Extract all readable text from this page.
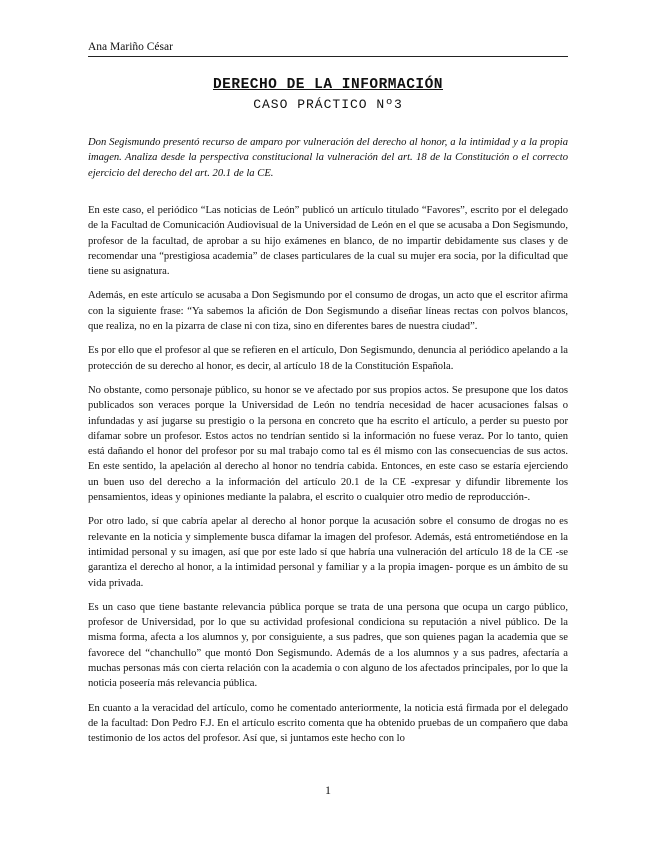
Ana Mariño César
DERECHO DE LA INFORMACIÓN
CASO PRÁCTICO Nº3
Don Segismundo presentó recurso de amparo por vulneración del derecho al honor, a la intimidad y a la propia imagen. Analiza desde la perspectiva constitucional la vulneración del art. 18 de la Constitución o el correcto ejercicio del derecho del art. 20.1 de la CE.

En este caso, el periódico “Las noticias de León” publicó un artículo titulado “Favores”, escrito por el delegado de la Facultad de Comunicación Audiovisual de la Universidad de León en el que se acusaba a Don Segismundo, profesor de la facultad, de aprobar a su hijo exámenes en blanco, de no impartir debidamente sus clases y de recomendar una “prestigiosa academia” de clases particulares de la cual su mujer era socia, por la dificultad que tiene su asignatura.

Además, en este artículo se acusaba a Don Segismundo por el consumo de drogas, un acto que el escritor afirma con la siguiente frase: “Ya sabemos la afición de Don Segismundo a diseñar líneas rectas con polvos blancos, que realiza, no en la pizarra de clase ni con tiza, sino en diferentes bares de nuestra ciudad”.

Es por ello que el profesor al que se refieren en el artículo, Don Segismundo, denuncia al periódico apelando a la protección de su derecho al honor, es decir, al artículo 18 de la Constitución Española.

No obstante, como personaje público, su honor se ve afectado por sus propios actos. Se presupone que los datos publicados son veraces porque la Universidad de León no tendría necesidad de hacer acusaciones falsas o infundadas y así jugarse su prestigio o la persona en concreto que ha escrito el artículo, a perder su puesto por difamar sobre un profesor. Estos actos no tendrían sentido si la información no fuese veraz. Por lo tanto, quien está dañando el honor del profesor por su mal trabajo como tal es él mismo con las consecuencias de sus actos. En este sentido, la apelación al derecho al honor no tendría cabida. Entonces, en este caso se estaría ejerciendo un buen uso del derecho a la información del artículo 20.1 de la CE -expresar y difundir libremente los pensamientos, ideas y opiniones mediante la palabra, el escrito o cualquier otro medio de reproducción-.

Por otro lado, sí que cabría apelar al derecho al honor porque la acusación sobre el consumo de drogas no es relevante en la noticia y simplemente busca difamar la imagen del profesor. Además, está entrometiéndose en la intimidad personal y su imagen, así que por este lado sí que habría una vulneración del artículo 18 de la CE -se garantiza el derecho al honor, a la intimidad personal y familiar y a la propia imagen- porque es un ámbito de su vida privada.

Es un caso que tiene bastante relevancia pública porque se trata de una persona que ocupa un cargo público, profesor de Universidad, por lo que su actividad profesional condiciona su reputación a nivel público. De la misma forma, afecta a los alumnos y, por consiguiente, a sus padres, que son quienes pagan la academia que se favorece del “chanchullo” que montó Don Segismundo. Además de a los alumnos y a sus padres, afectaría a muchas personas más con cierta relación con la academia o con alguno de los afectados principales, por lo que la noticia poseería más relevancia pública.

En cuanto a la veracidad del artículo, como he comentado anteriormente, la noticia está firmada por el delegado de la facultad: Don Pedro F.J. En el artículo escrito comenta que ha obtenido pruebas de un compañero que daba testimonio de los actos del profesor. Así que, si juntamos este hecho con lo

1
